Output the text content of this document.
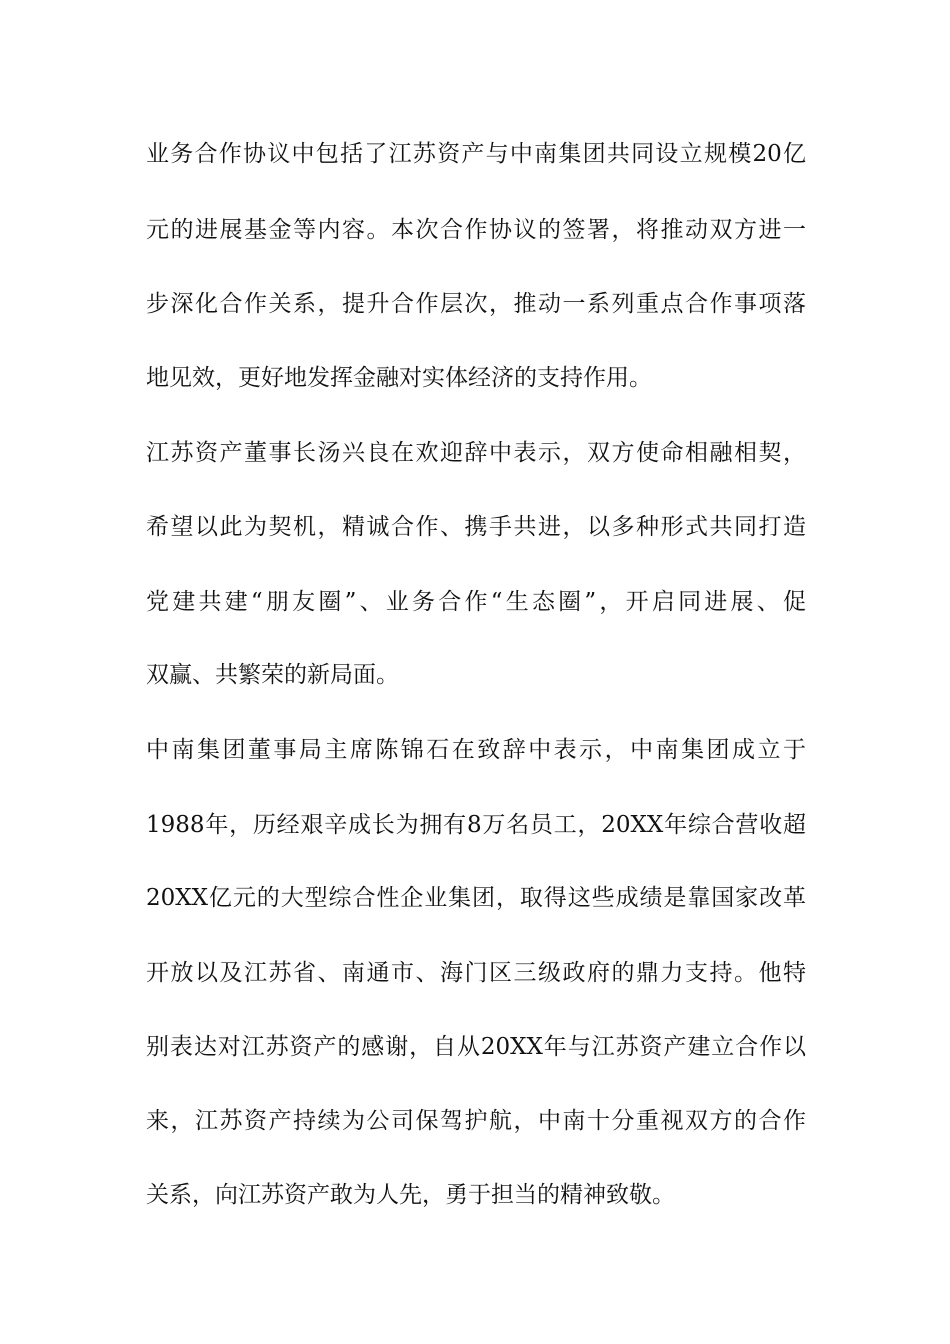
业务合作协议中包括了江苏资产与中南集团共同设立规模20亿
元的进展基金等内容。本次合作协议的签署，将推动双方进一
步深化合作关系，提升合作层次，推动一系列重点合作事项落
地见效，更好地发挥金融对实体经济的支持作用。
江苏资产董事长汤兴良在欢迎辞中表示，双方使命相融相契，
希望以此为契机，精诚合作、携手共进，以多种形式共同打造
党建共建“朋友圈”、业务合作“生态圈”，开启同进展、促
双赢、共繁荣的新局面。
中南集团董事局主席陈锦石在致辞中表示，中南集团成立于
1988年，历经艰辛成长为拥有8万名员工，20XX年综合营收超
20XX亿元的大型综合性企业集团，取得这些成绩是靠国家改革
开放以及江苏省、南通市、海门区三级政府的鼎力支持。他特
别表达对江苏资产的感谢，自从20XX年与江苏资产建立合作以
来，江苏资产持续为公司保驾护航，中南十分重视双方的合作
关系，向江苏资产敢为人先，勇于担当的精神致敬。
